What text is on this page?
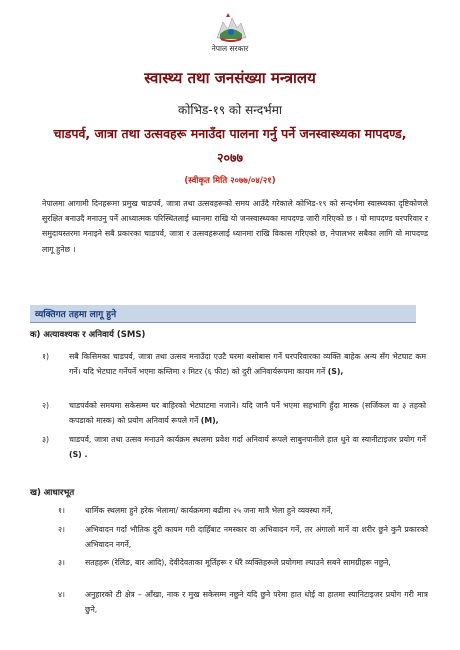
नेपाल सरकार
स्वास्थ्य तथा जनसंख्या मन्त्रालय
कोभिड-१९ को सन्दर्भमा
चाडपर्व, जात्रा तथा उत्सवहरू मनाउँदा पालना गर्नु पर्ने जनस्वास्थ्यका मापदण्ड, २०७७
(स्वीकृत मिति २०७७/०४/२१)
नेपालमा आगामी दिनहरूमा प्रमुख चाडपर्व, जात्रा तथा उत्सवहरूको समय आउँदै गरेकाले कोभिड-१९ को सन्दर्भमा स्वास्थ्यका दृष्टिकोणले सुरक्षित बनाउदै मनाउनु पर्ने आध्यात्मक परिस्थितलाई ध्यानमा राखि यो जनस्वास्थ्यका मापदण्ड जारी गरिएको छ । यो मापदण्ड घरपरिवार र समुदायस्तरमा मनाइने सबै प्रकारका चाडपर्व, जात्रा र उत्सवहरूलाई ध्यानमा राखि विकास गरिएको छ, नेपालभर सबैका लागि यो मापदण्ड लागू हुनेछ ।
व्यक्तिगत तहमा लागू हुने
क) अत्यावश्यक र अनिवार्य (SMS)
१)	सबै किसिमका चाडपर्व, जात्रा तथा उत्सव मनाउँदा एउटै घरमा बसोबास गर्ने घरपरिवारका व्यक्ति बाहेक अन्य सँग भेटघाट कम गर्ने। यदि भेटघाट गर्नेपर्ने भएमा कम्तिमा २ मिटर (६ फीट) को दुरी अनिवार्यरूपमा कायम गर्ने (S),
२)	चाडपर्वको समयमा सकेसम्म घर बाहिरको भेटघाटमा नजाने। यदि जानै पर्ने भएमा सहभागि हुँदा मास्क (सर्जिकल वा ३ तहको कपडाको मास्क) को प्रयोग अनिवार्य रूपले गर्ने (M),
३)	चाडपर्व, जात्रा तथा उत्सव मनाउने कार्यक्रम स्थलमा प्रवेश गर्दा अनिवार्य रूपले साबुनपानीले हात धुने वा स्यानीटाइजर प्रयोग गर्ने (S) .
ख) आधारभूत
१।	धार्मिक स्थलमा हुने हरेक भेलामा/ कार्यक्रममा बढीमा २५ जना मात्रै भेला हुने व्यवस्था गर्ने,
२।	अभिवादन गर्दा भौतिक दुरी कायम गरी दाहिँबाट नमस्कार वा अभिवादन गर्ने, तर अंगालो मार्ने वा शरीर छुने कुनै प्रकारको अभिवादन नगर्ने,
३।	सतहहरू (रेलिङ, बार आदि), देवीदेवताका मूर्तिहरू र धेरै व्यक्तिहरूले प्रयोगमा ल्याउने सबने सामग्रीहरू नछुने,
४।	अनुहारको टी क्षेत्र – आँखा, नाक र मुख सकेसम्म नछुने यदि छुने परेमा हात धोई वा हातमा स्यानिटाइजर प्रयोग गरी मात्र छुने,
